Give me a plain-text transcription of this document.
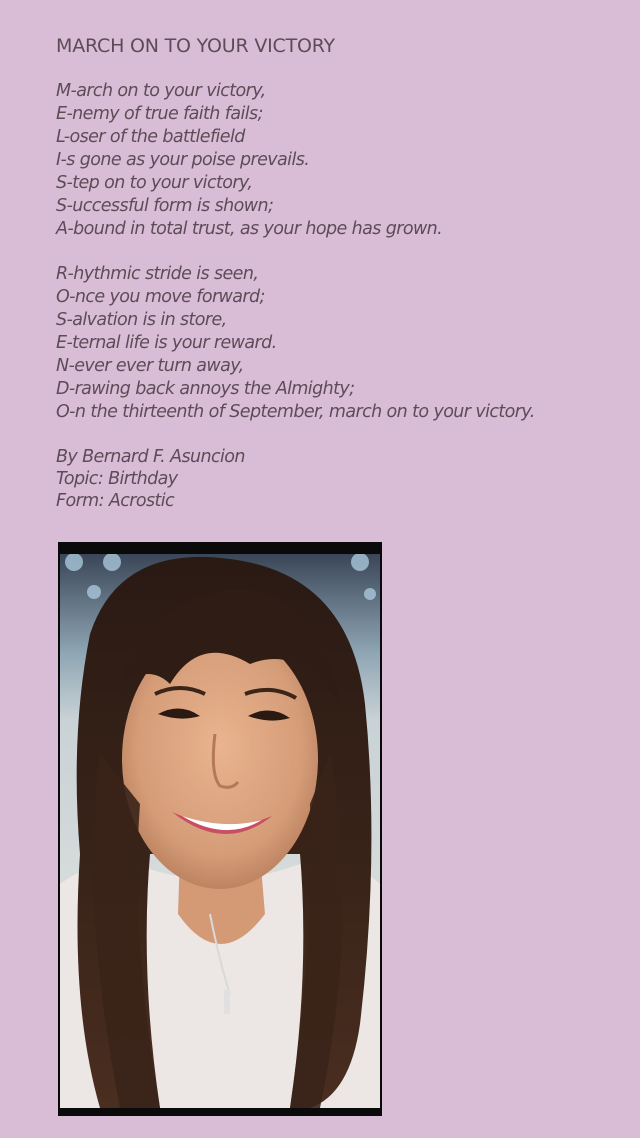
MARCH ON TO YOUR VICTORY
M-arch on to your victory,
E-nemy of true faith fails;
L-oser of the battlefield
I-s gone as your poise prevails.
S-tep on to your victory,
S-uccessful form is shown;
A-bound in total trust, as your hope has grown.
R-hythmic stride is seen,
O-nce you move forward;
S-alvation is in store,
E-ternal life is your reward.
N-ever ever turn away,
D-rawing back annoys the Almighty;
O-n the thirteenth of September, march on to your victory.
By Bernard F. Asuncion
Topic: Birthday
Form: Acrostic
